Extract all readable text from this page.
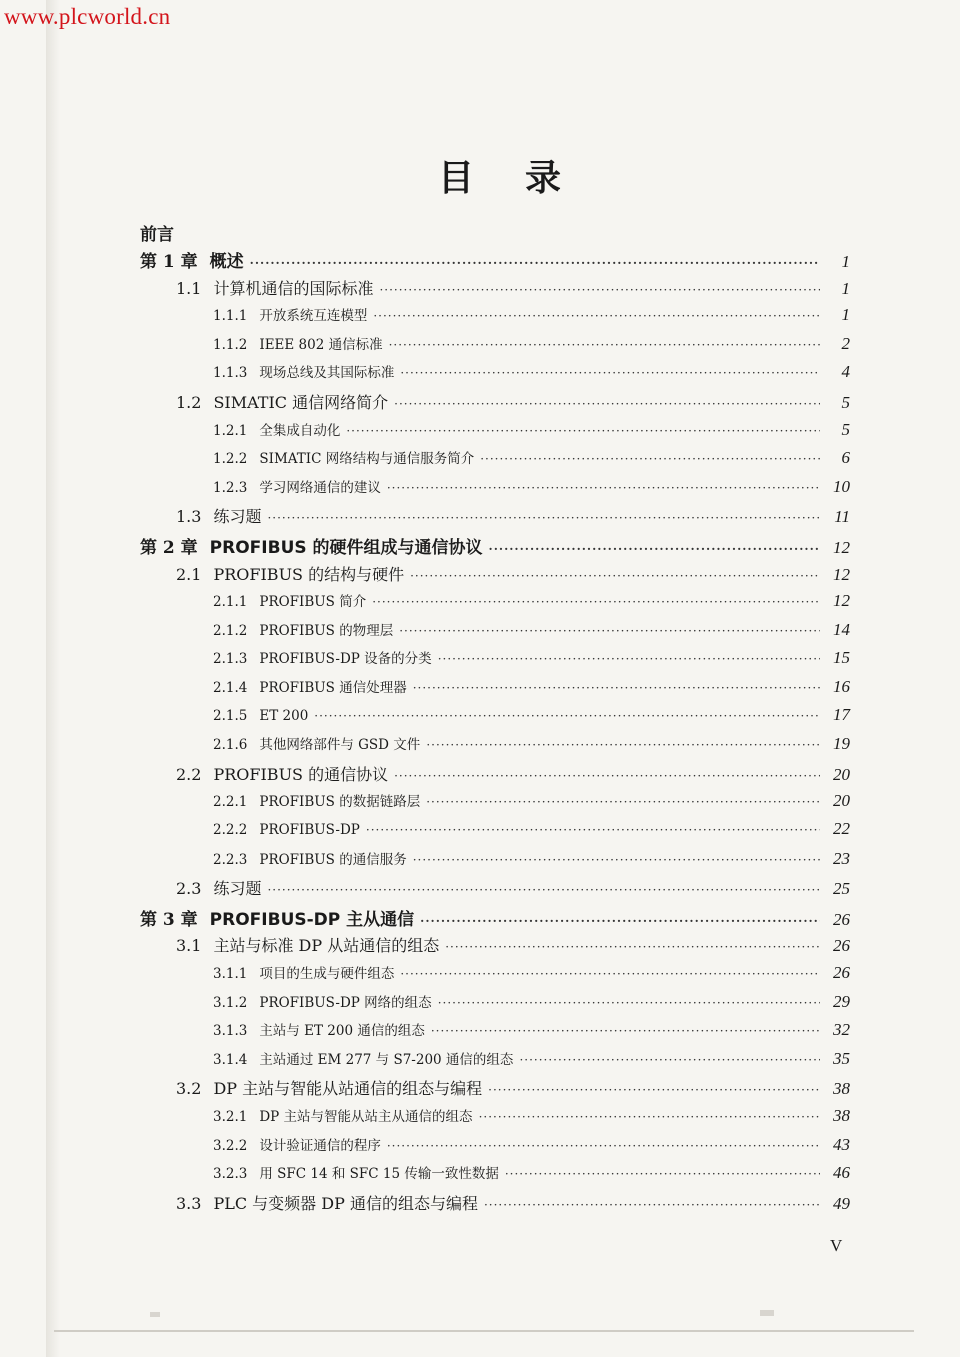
www.plcworld.cn
目 录
前言
第 1 章 概述 ·····	1
1.1 计算机通信的国际标准 ·····	1
1.1.1 开放系统互连模型 ·····	1
1.1.2 IEEE 802 通信标准 ·····	2
1.1.3 现场总线及其国际标准 ·····	4
1.2 SIMATIC 通信网络简介 ·····	5
1.2.1 全集成自动化 ·····	5
1.2.2 SIMATIC 网络结构与通信服务简介 ·····	6
1.2.3 学习网络通信的建议 ·····	10
1.3 练习题 ·····	11
第 2 章 PROFIBUS 的硬件组成与通信协议 ·····	12
2.1 PROFIBUS 的结构与硬件 ·····	12
2.1.1 PROFIBUS 简介 ·····	12
2.1.2 PROFIBUS 的物理层 ·····	14
2.1.3 PROFIBUS-DP 设备的分类 ·····	15
2.1.4 PROFIBUS 通信处理器 ·····	16
2.1.5 ET 200 ·····	17
2.1.6 其他网络部件与 GSD 文件 ·····	19
2.2 PROFIBUS 的通信协议 ·····	20
2.2.1 PROFIBUS 的数据链路层 ·····	20
2.2.2 PROFIBUS-DP ·····	22
2.2.3 PROFIBUS 的通信服务 ·····	23
2.3 练习题 ·····	25
第 3 章 PROFIBUS-DP 主从通信 ·····	26
3.1 主站与标准 DP 从站通信的组态 ·····	26
3.1.1 项目的生成与硬件组态 ·····	26
3.1.2 PROFIBUS-DP 网络的组态 ·····	29
3.1.3 主站与 ET 200 通信的组态 ·····	32
3.1.4 主站通过 EM 277 与 S7-200 通信的组态 ·····	35
3.2 DP 主站与智能从站通信的组态与编程 ·····	38
3.2.1 DP 主站与智能从站主从通信的组态 ·····	38
3.2.2 设计验证通信的程序 ·····	43
3.2.3 用 SFC 14 和 SFC 15 传输一致性数据 ·····	46
3.3 PLC 与变频器 DP 通信的组态与编程 ·····	49
V
